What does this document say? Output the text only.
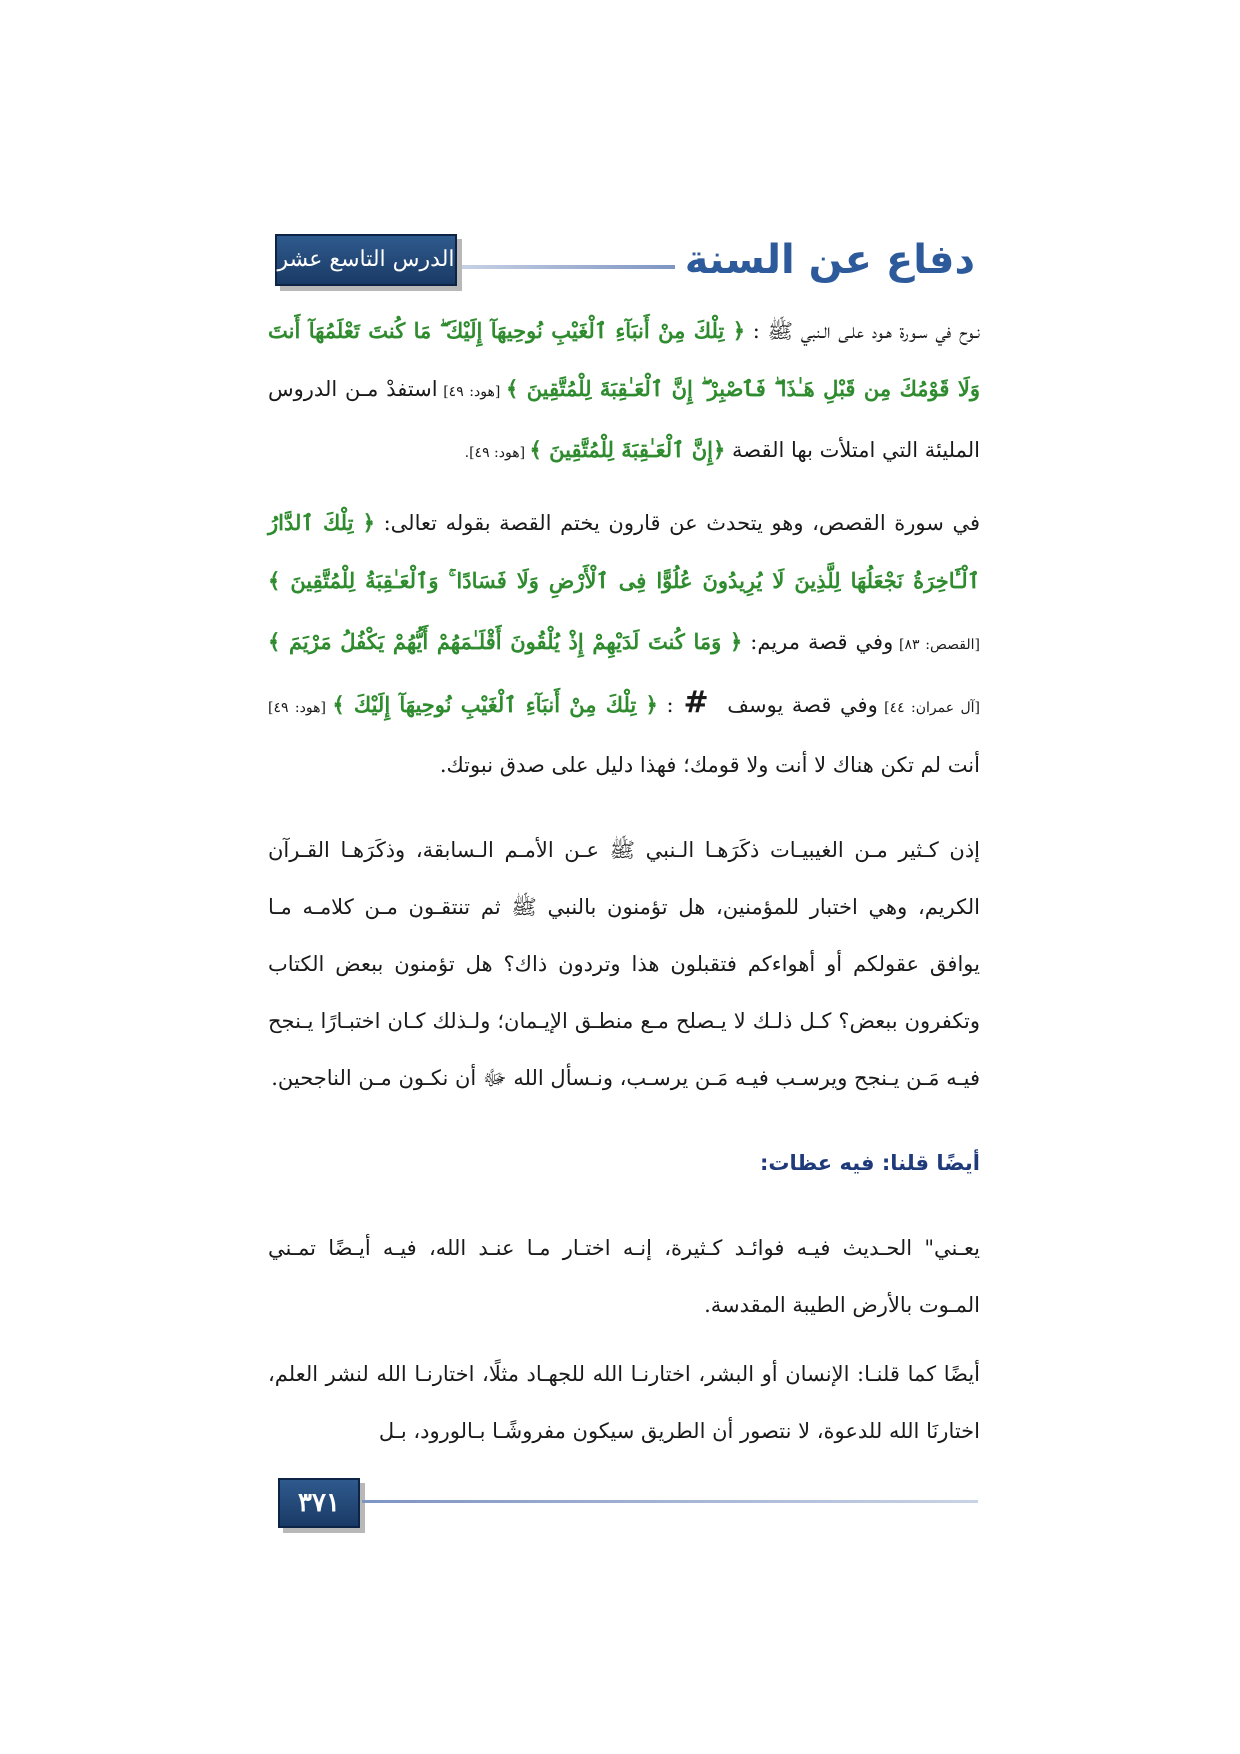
دفاع عن السنة
الدرس التاسع عشر

نـوح في سـورة هـود علـى الـنبي ﷺ : ﴿ تِلْكَ مِنْ أَنبَآءِ ٱلْغَيْبِ نُوحِيهَآ إِلَيْكَ ۖ مَا كُنتَ تَعْلَمُهَآ أَنتَ وَلَا قَوْمُكَ مِن قَبْلِ هَـٰذَا ۖ فَٱصْبِرْ ۖ إِنَّ ٱلْعَـٰقِبَةَ لِلْمُتَّقِينَ ﴾ [هود: ٤٩] استفدْ مـن الدروس المليئة التي امتلأت بها القصة ﴿إِنَّ ٱلْعَـٰقِبَةَ لِلْمُتَّقِينَ ﴾ [هود: ٤٩].

في سورة القصص، وهو يتحدث عن قارون يختم القصة بقوله تعالى: ﴿ تِلْكَ ٱلدَّارُ ٱلْـَٔاخِرَةُ نَجْعَلُهَا لِلَّذِينَ لَا يُرِيدُونَ عُلُوًّا فِى ٱلْأَرْضِ وَلَا فَسَادًا ۚ وَٱلْعَـٰقِبَةُ لِلْمُتَّقِينَ ﴾ [القصص: ٨٣] وفي قصة مريم: ﴿ وَمَا كُنتَ لَدَيْهِمْ إِذْ يُلْقُونَ أَقْلَـٰمَهُمْ أَيُّهُمْ يَكْفُلُ مَرْيَمَ ﴾ [آل عمران: ٤٤] وفي قصة يوسف #: ﴿ تِلْكَ مِنْ أَنبَآءِ ٱلْغَيْبِ نُوحِيهَآ إِلَيْكَ ﴾ [هود: ٤٩] أنت لم تكن هناك لا أنت ولا قومك؛ فهذا دليل على صدق نبوتك.

إذن كـثير مـن الغيبيـات ذكَرَهـا الـنبي ﷺ عـن الأمـم الـسابقة، وذكَرَهـا القـرآن الكريم، وهي اختبار للمؤمنين، هل تؤمنون بالنبي ﷺ ثم تنتقـون مـن كلامـه مـا يوافق عقولكم أو أهواءكم فتقبلون هذا وتردون ذاك؟ هل تؤمنون ببعض الكتاب وتكفرون ببعض؟ كـل ذلـك لا يـصلح مـع منطـق الإيـمان؛ ولـذلك كـان اختبـارًا يـنجح فيـه مَـن يـنجح ويرسـب فيـه مَـن يرسـب، ونـسأل الله ﷻ أن نكـون مـن الناجحين.

أيضًا قلنا: فيه عظات:

يعـني" الحـديث فيـه فوائـد كـثيرة، إنـه اختـار مـا عنـد الله، فيـه أيـضًا تمـني المـوت بالأرض الطيبة المقدسة.

أيضًا كما قلنـا: الإنسان أو البشر، اختارنـا الله للجهـاد مثلًا، اختارنـا الله لنشر العلم، اختارنَا الله للدعوة، لا نتصور أن الطريق سيكون مفروشًـا بـالورود، بـل

٣٧١
